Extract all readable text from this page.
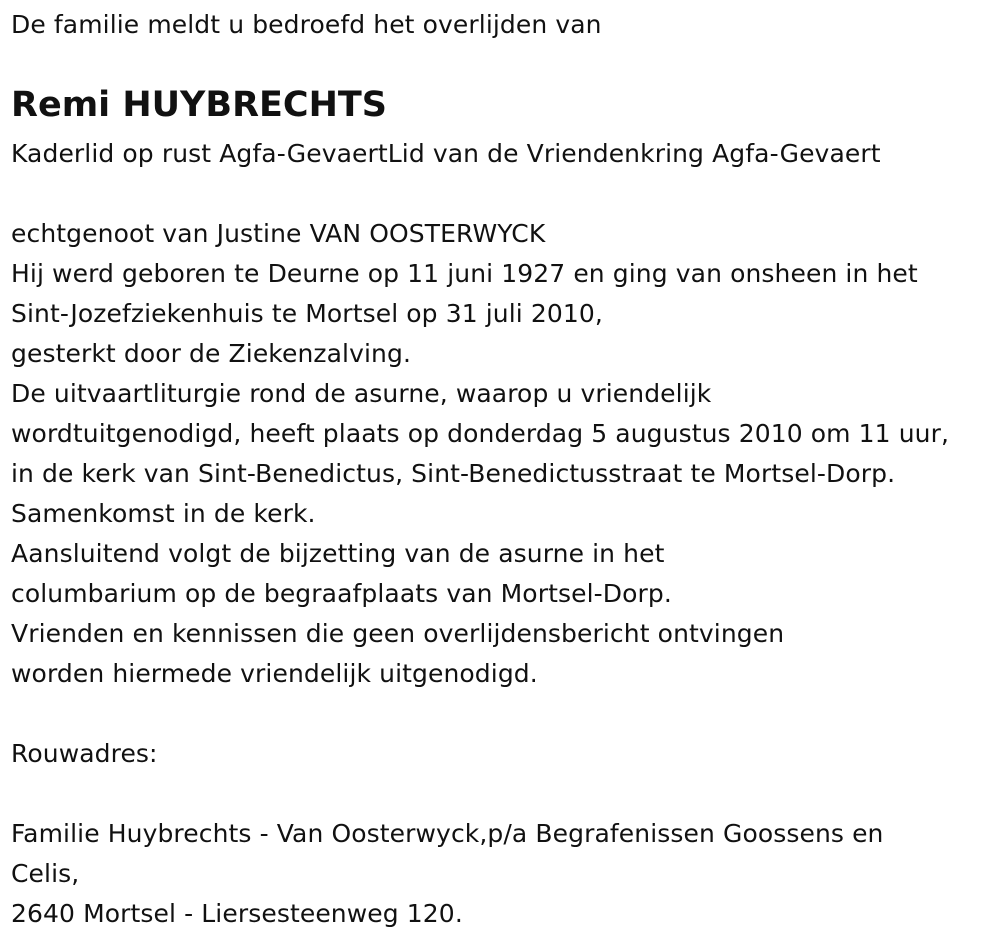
De familie meldt u bedroefd het overlijden van

Remi HUYBRECHTS

Kaderlid op rust Agfa-GevaertLid van de Vriendenkring Agfa-Gevaert

echtgenoot van Justine VAN OOSTERWYCK

Hij werd geboren te Deurne op 11 juni 1927 en ging van onsheen in het

Sint-Jozefziekenhuis te Mortsel op 31 juli 2010,

gesterkt door de Ziekenzalving.

De uitvaartliturgie rond de asurne, waarop u vriendelijk

wordtuitgenodigd, heeft plaats op donderdag 5 augustus 2010 om 11 uur,

in de kerk van Sint-Benedictus, Sint-Benedictusstraat te Mortsel-Dorp.

Samenkomst in de kerk.

Aansluitend volgt de bijzetting van de asurne in het

columbarium op de begraafplaats van Mortsel-Dorp.

Vrienden en kennissen die geen overlijdensbericht ontvingen

worden hiermede vriendelijk uitgenodigd.

Rouwadres:

Familie Huybrechts - Van Oosterwyck,p/a Begrafenissen Goossens en

Celis,

2640 Mortsel - Liersesteenweg 120.
